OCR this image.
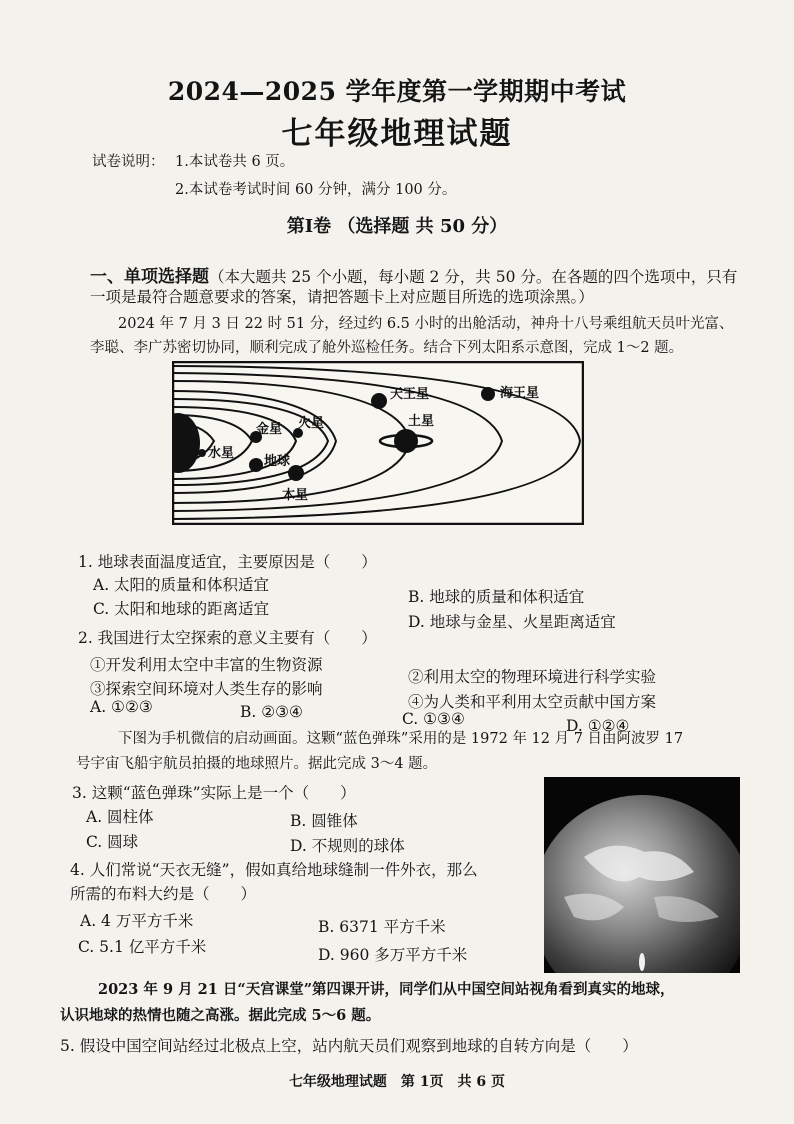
2024—2025 学年度第一学期期中考试
七年级地理试题
试卷说明： 1.本试卷共 6 页。
2.本试卷考试时间 60 分钟，满分 100 分。
第Ⅰ卷 （选择题 共 50 分）
一、单项选择题（本大题共 25 个小题，每小题 2 分，共 50 分。在各题的四个选项中，只有
一项是最符合题意要求的答案，请把答题卡上对应题目所选的选项涂黑。）
2024 年 7 月 3 日 22 时 51 分，经过约 6.5 小时的出舱活动，神舟十八号乘组航天员叶光富、
李聪、李广苏密切协同，顺利完成了舱外巡检任务。结合下列太阳系示意图，完成 1～2 题。
水星
金星
地球
火星
木星
土星
天王星	海王星
1. 地球表面温度适宜，主要原因是（　　）
A. 太阳的质量和体积适宜
B. 地球的质量和体积适宜
C. 太阳和地球的距离适宜
D. 地球与金星、火星距离适宜
2. 我国进行太空探索的意义主要有（　　）
①开发利用太空中丰富的生物资源
②利用太空的物理环境进行科学实验
③探索空间环境对人类生存的影响
④为人类和平利用太空贡献中国方案
A. ①②③	B. ②③④	C. ①③④	D. ①②④
下图为手机微信的启动画面。这颗“蓝色弹珠”采用的是 1972 年 12 月 7 日由阿波罗 17
号宇宙飞船宇航员拍摄的地球照片。据此完成 3～4 题。
3. 这颗“蓝色弹珠”实际上是一个（　　）
A. 圆柱体	B. 圆锥体
C. 圆球	D. 不规则的球体
4. 人们常说“天衣无缝”，假如真给地球缝制一件外衣，那么
所需的布料大约是（　　）
A. 4 万平方千米	B. 6371 平方千米
C. 5.1 亿平方千米	D. 960 多万平方千米
2023 年 9 月 21 日“天宫课堂”第四课开讲，同学们从中国空间站视角看到真实的地球，
认识地球的热情也随之高涨。据此完成 5～6 题。
5. 假设中国空间站经过北极点上空，站内航天员们观察到地球的自转方向是（　　）
七年级地理试题　第 1页　共 6 页
